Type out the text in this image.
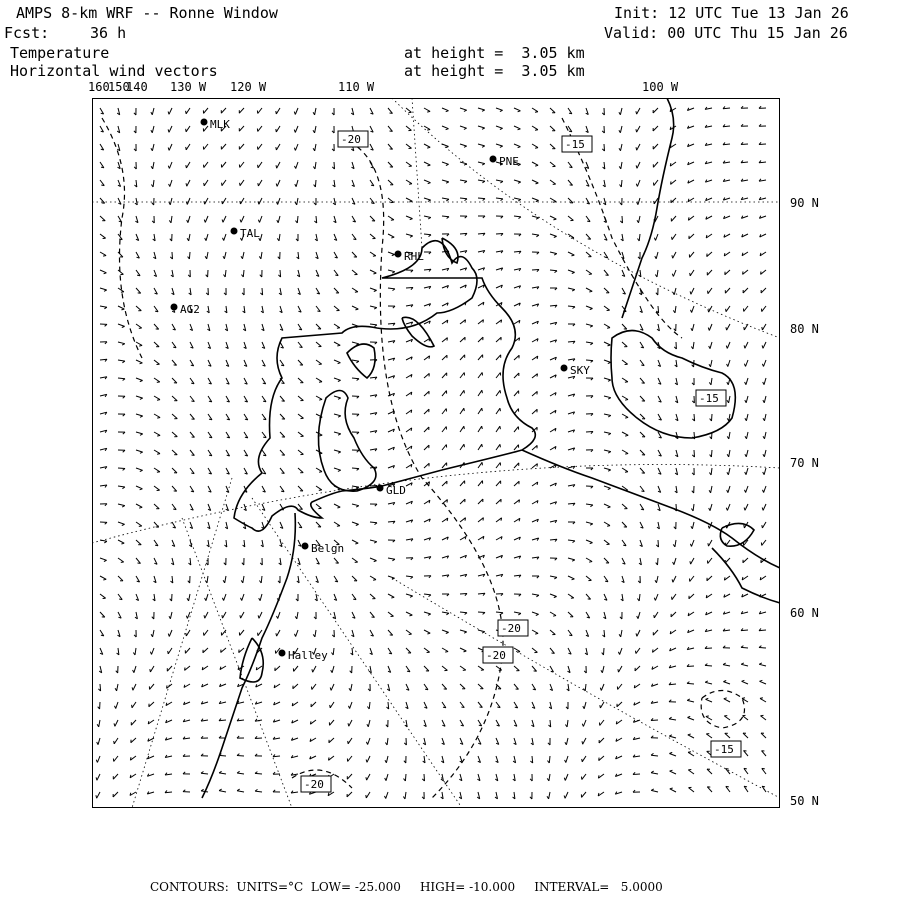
AMPS 8-km WRF -- Ronne Window
Fcst:	36 h
Init: 12 UTC Tue 13 Jan 26
Valid: 00 UTC Thu 15 Jan 26
Temperature
Horizontal wind vectors
at height =  3.05 km
at height =  3.05 km
160
150
140 130 W 120 W	110 W	100 W
90 N
80 N
70 N
60 N
50 N
MLK
PNE
TAL
RHL
AG2
SKY
GLD
Belgn
Halley
-20	-15
-15
-20
-20
-15
-20
CONTOURS:  UNITS=°C  LOW= -25.000     HIGH= -10.000     INTERVAL=   5.0000
